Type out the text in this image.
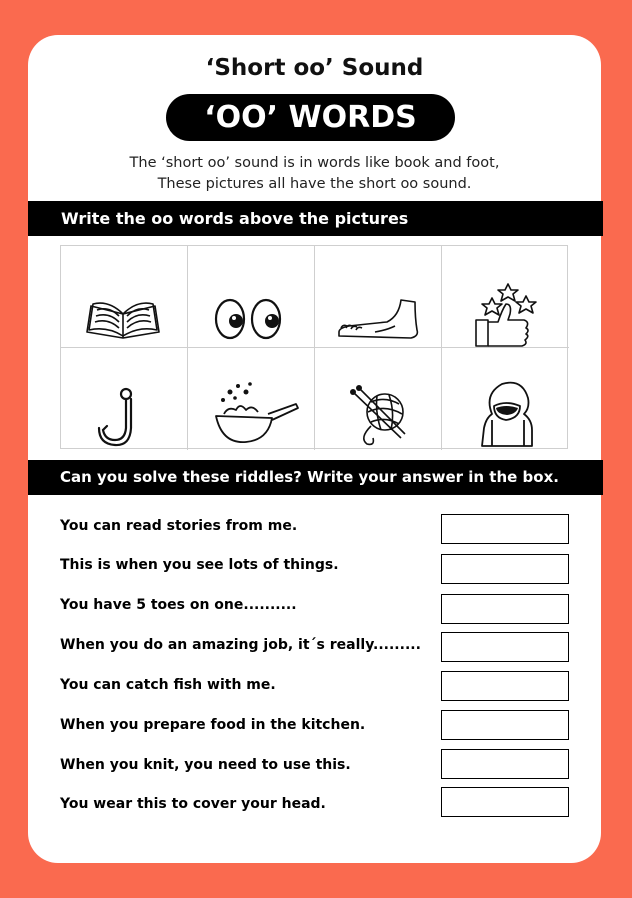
‘Short oo’ Sound
‘OO’ WORDS
The ‘short oo’ sound is in words like book and foot,
These pictures all have the short oo sound.
Write the oo words above the pictures
Can you solve these riddles? Write your answer in the box.
You can read stories from me.
This is when you see lots of things.
You have 5 toes on one..........
When you do an amazing job, it´s really.........
You can catch fish with me.
When you prepare food in the kitchen.
When you knit, you need to use this.
You wear this to cover your head.
